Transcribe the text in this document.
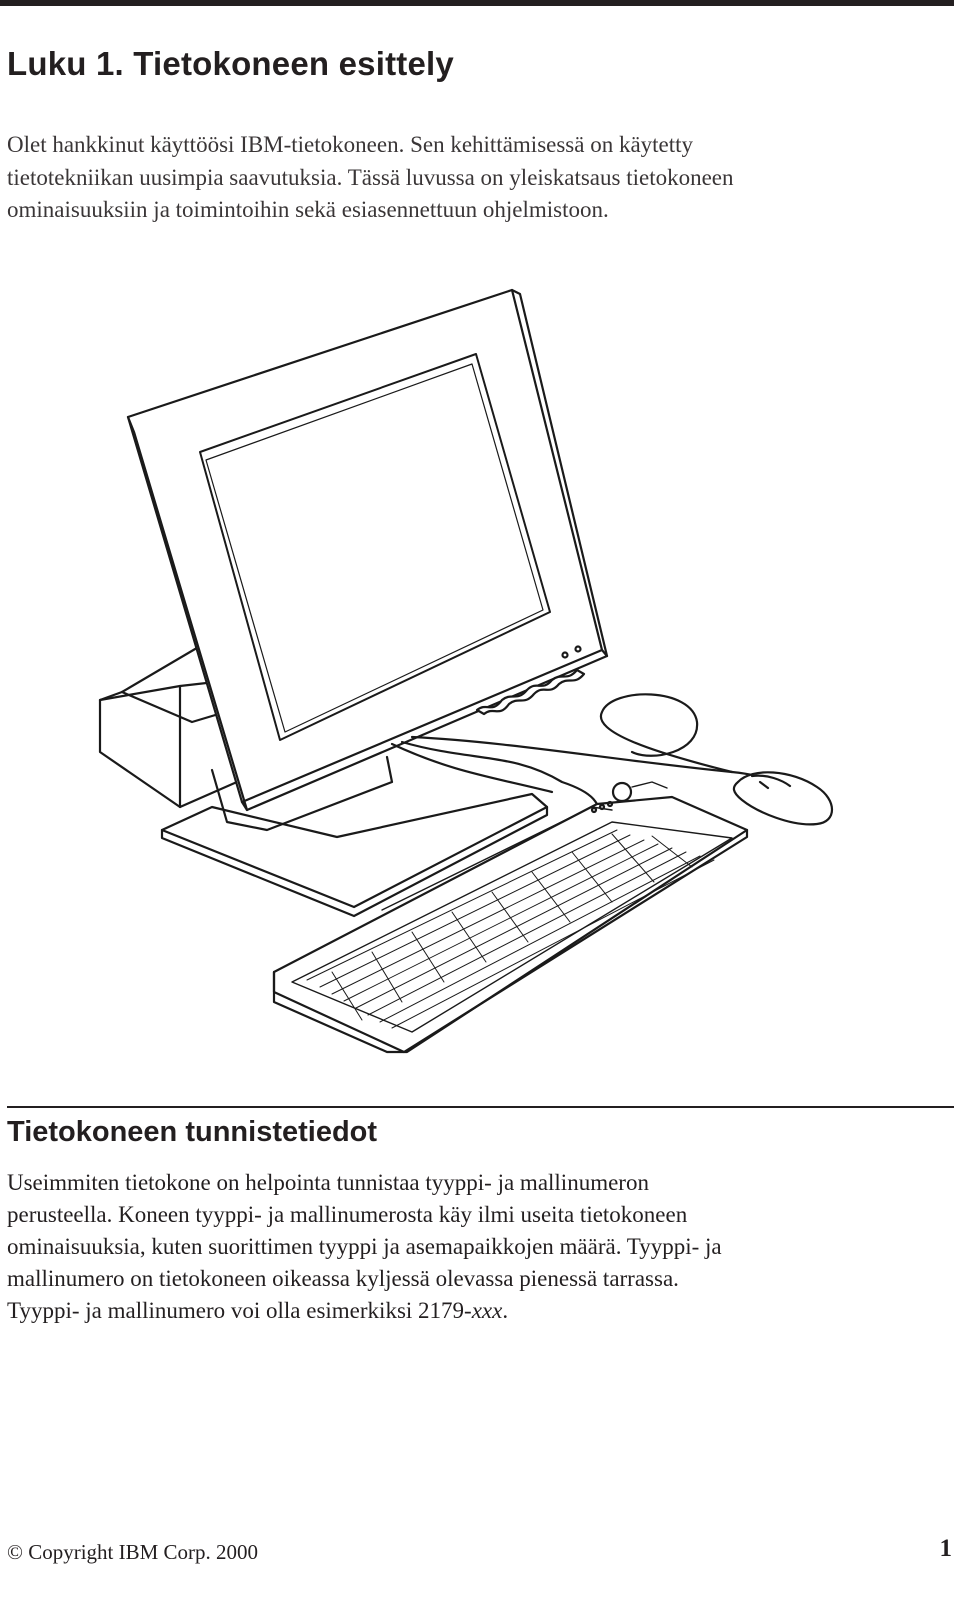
Luku 1. Tietokoneen esittely

Olet hankkinut käyttöösi IBM-tietokoneen. Sen kehittämisessä on käytetty
tietotekniikan uusimpia saavutuksia. Tässä luvussa on yleiskatsaus tietokoneen
ominaisuuksiin ja toimintoihin sekä esiasennettuun ohjelmistoon.

Tietokoneen tunnistetiedot

Useimmiten tietokone on helpointa tunnistaa tyyppi- ja mallinumeron
perusteella. Koneen tyyppi- ja mallinumerosta käy ilmi useita tietokoneen
ominaisuuksia, kuten suorittimen tyyppi ja asemapaikkojen määrä. Tyyppi- ja
mallinumero on tietokoneen oikeassa kyljessä olevassa pienessä tarrassa.
Tyyppi- ja mallinumero voi olla esimerkiksi 2179-xxx.

© Copyright IBM Corp. 2000	1
